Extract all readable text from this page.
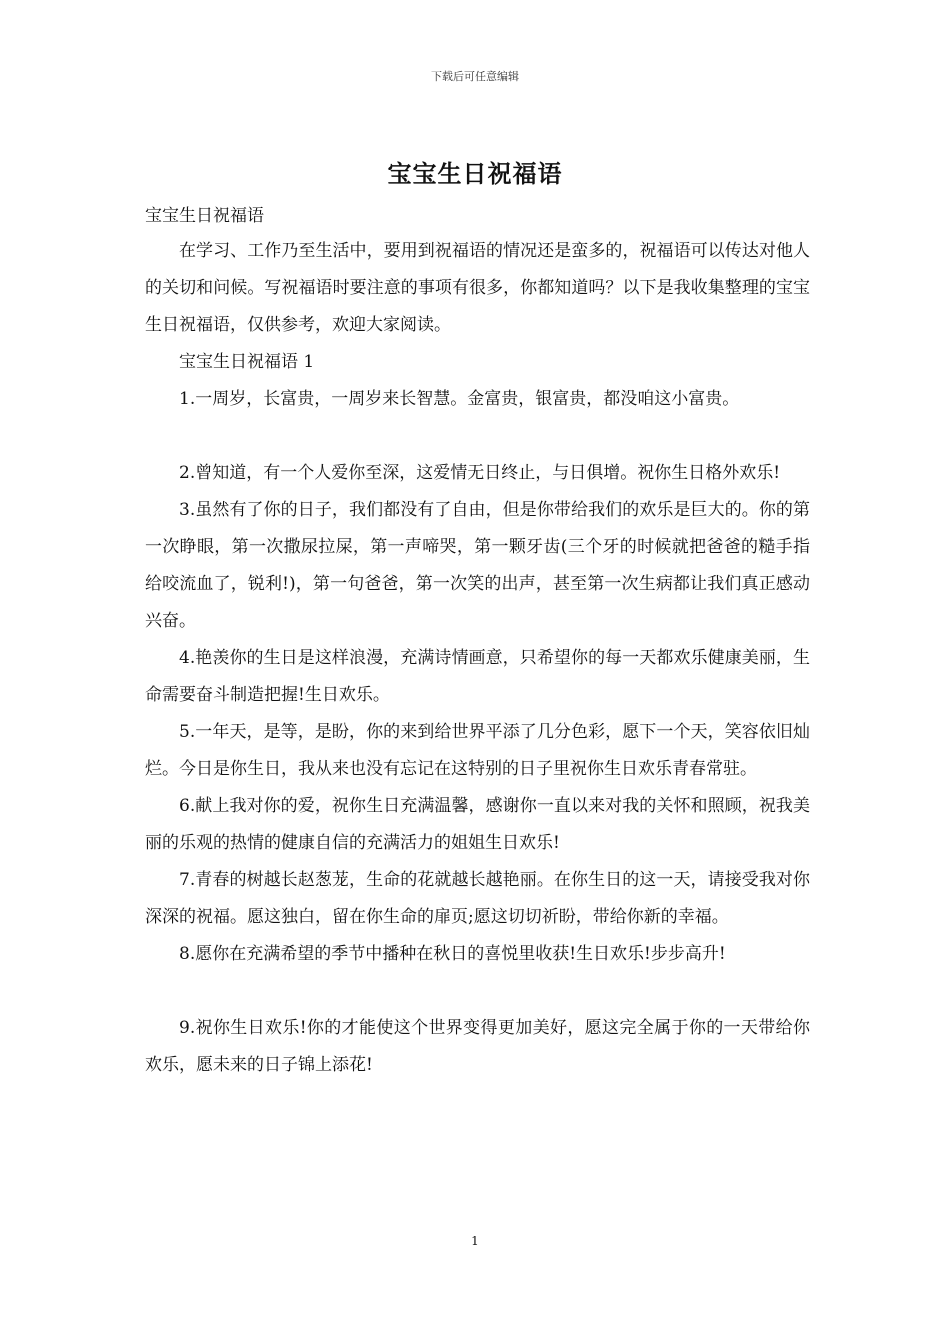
下载后可任意编辑
宝宝生日祝福语
宝宝生日祝福语

在学习、工作乃至生活中，要用到祝福语的情况还是蛮多的，祝福语可以传达对他人的关切和问候。写祝福语时要注意的事项有很多，你都知道吗？以下是我收集整理的宝宝生日祝福语，仅供参考，欢迎大家阅读。

宝宝生日祝福语 1

1.一周岁，长富贵，一周岁来长智慧。金富贵，银富贵，都没咱这小富贵。

2.曾知道，有一个人爱你至深，这爱情无日终止，与日俱增。祝你生日格外欢乐!

3.虽然有了你的日子，我们都没有了自由，但是你带给我们的欢乐是巨大的。你的第一次睁眼，第一次撒尿拉屎，第一声啼哭，第一颗牙齿(三个牙的时候就把爸爸的糙手指给咬流血了，锐利!)，第一句爸爸，第一次笑的出声，甚至第一次生病都让我们真正感动兴奋。

4.艳羡你的生日是这样浪漫，充满诗情画意，只希望你的每一天都欢乐健康美丽，生命需要奋斗制造把握!生日欢乐。

5.一年天，是等，是盼，你的来到给世界平添了几分色彩，愿下一个天，笑容依旧灿烂。今日是你生日，我从来也没有忘记在这特别的日子里祝你生日欢乐青春常驻。

6.献上我对你的爱，祝你生日充满温馨，感谢你一直以来对我的关怀和照顾，祝我美丽的乐观的热情的健康自信的充满活力的姐姐生日欢乐!

7.青春的树越长赵葱茏，生命的花就越长越艳丽。在你生日的这一天，请接受我对你深深的祝福。愿这独白，留在你生命的扉页;愿这切切祈盼，带给你新的幸福。

8.愿你在充满希望的季节中播种在秋日的喜悦里收获!生日欢乐!步步高升!

9.祝你生日欢乐!你的才能使这个世界变得更加美好，愿这完全属于你的一天带给你欢乐，愿未来的日子锦上添花!

1
